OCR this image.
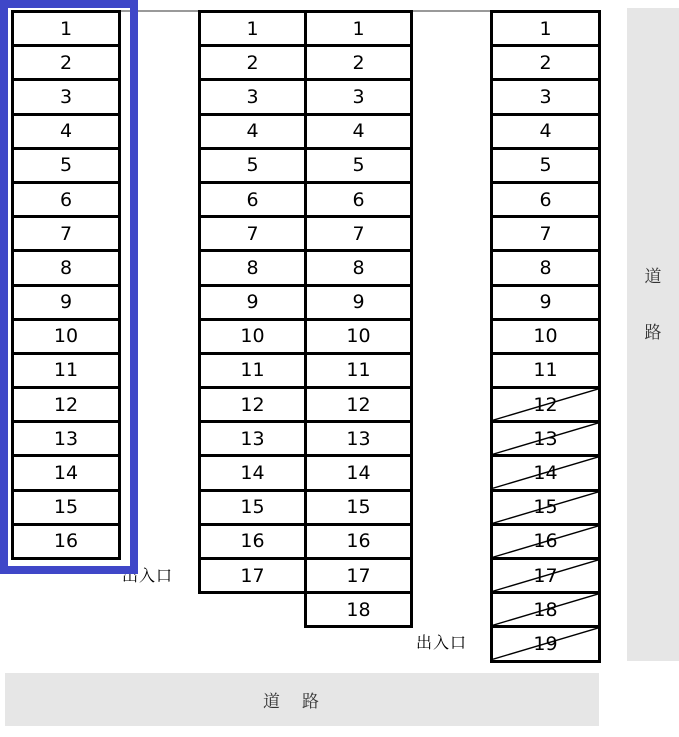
1
2
3
4
5
6
7
8
9
10
11
12
13
14
15
16
1
2
3
4
5
6
7
8
9
10
11
12
13
14
15
16
17
1
2
3
4
5
6
7
8
9
10
11
12
13
14
15
16
17
18
1
2
3
4
5
6
7
8
9
10
11
12
13
14
15
16
17
18
19
出入口
出入口
道
路
道路
